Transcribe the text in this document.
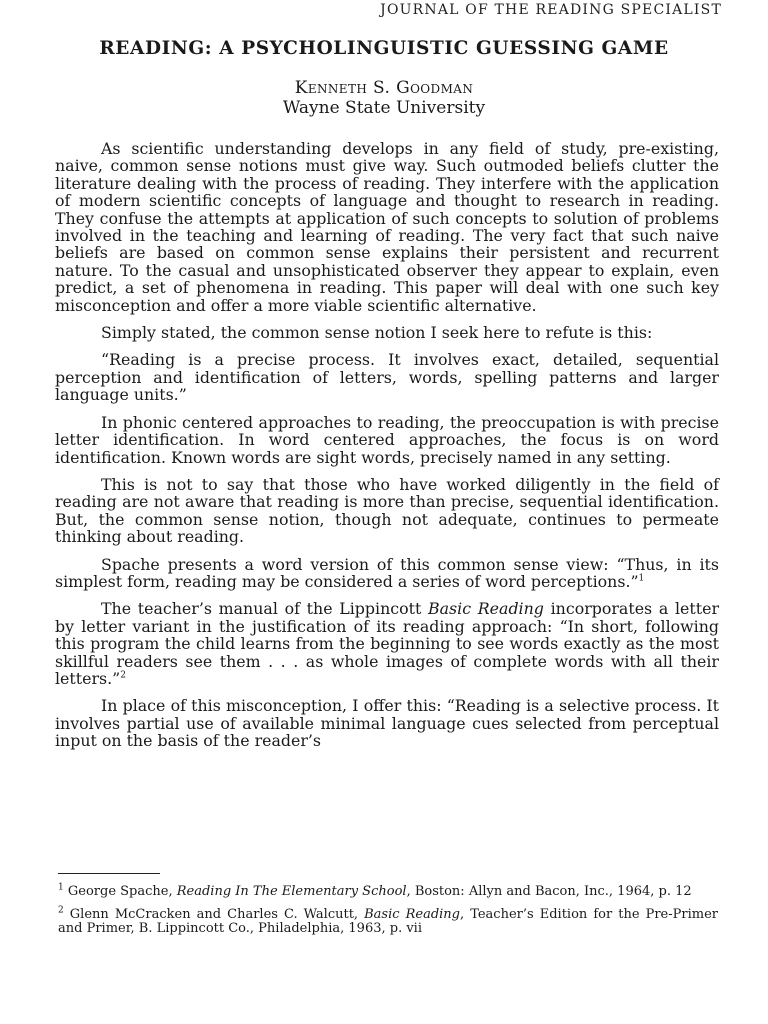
JOURNAL OF THE READING SPECIALIST
READING: A PSYCHOLINGUISTIC GUESSING GAME
Kenneth S. Goodman
Wayne State University

As scientific understanding develops in any field of study, pre-existing, naive, common sense notions must give way. Such outmoded beliefs clutter the literature dealing with the process of reading. They interfere with the application of modern scientific concepts of language and thought to research in reading. They confuse the attempts at application of such concepts to solution of problems involved in the teaching and learning of reading. The very fact that such naive beliefs are based on common sense explains their persistent and recurrent nature. To the casual and unsophisticated observer they appear to explain, even predict, a set of phenomena in reading. This paper will deal with one such key misconception and offer a more viable scientific alternative.

Simply stated, the common sense notion I seek here to refute is this:

“Reading is a precise process. It involves exact, detailed, sequential perception and identification of letters, words, spelling patterns and larger language units.”

In phonic centered approaches to reading, the preoccupation is with precise letter identification. In word centered approaches, the focus is on word identification. Known words are sight words, precisely named in any setting.

This is not to say that those who have worked diligently in the field of reading are not aware that reading is more than precise, sequential identification. But, the common sense notion, though not adequate, continues to permeate thinking about reading.

Spache presents a word version of this common sense view: “Thus, in its simplest form, reading may be considered a series of word perceptions.”$^1$

The teacher’s manual of the Lippincott Basic Reading incorporates a letter by letter variant in the justification of its reading approach: “In short, following this program the child learns from the beginning to see words exactly as the most skillful readers see them . . . as whole images of complete words with all their letters.”$^2$

In place of this misconception, I offer this: “Reading is a selective process. It involves partial use of available minimal language cues selected from perceptual input on the basis of the reader’s

$^1$ George Spache, Reading In The Elementary School, Boston: Allyn and Bacon, Inc., 1964, p. 12

$^2$ Glenn McCracken and Charles C. Walcutt, Basic Reading, Teacher’s Edition for the Pre-Primer and Primer, B. Lippincott Co., Philadelphia, 1963, p. vii
